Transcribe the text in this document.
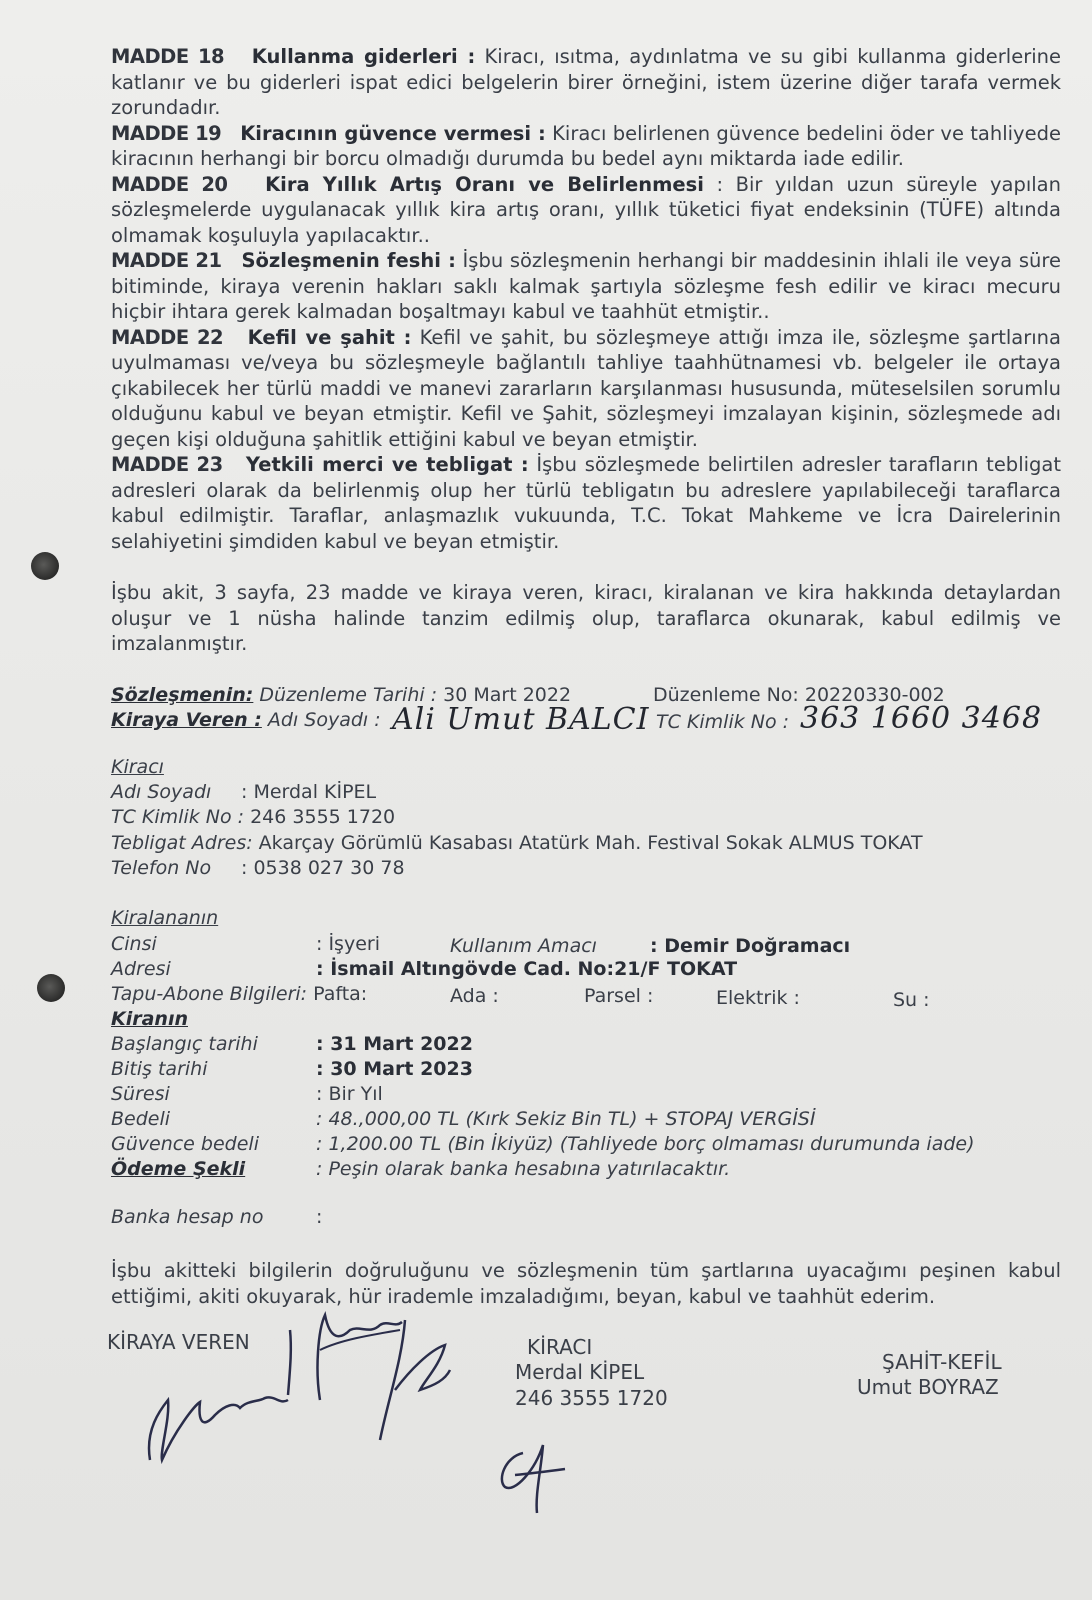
MADDE 18 Kullanma giderleri : Kiracı, ısıtma, aydınlatma ve su gibi kullanma giderlerine katlanır ve bu giderleri ispat edici belgelerin birer örneğini, istem üzerine diğer tarafa vermek zorundadır.

MADDE 19 Kiracının güvence vermesi : Kiracı belirlenen güvence bedelini öder ve tahliyede kiracının herhangi bir borcu olmadığı durumda bu bedel aynı miktarda iade edilir.

MADDE 20 Kira Yıllık Artış Oranı ve Belirlenmesi : Bir yıldan uzun süreyle yapılan sözleşmelerde uygulanacak yıllık kira artış oranı, yıllık tüketici fiyat endeksinin (TÜFE) altında olmamak koşuluyla yapılacaktır..

MADDE 21 Sözleşmenin feshi : İşbu sözleşmenin herhangi bir maddesinin ihlali ile veya süre bitiminde, kiraya verenin hakları saklı kalmak şartıyla sözleşme fesh edilir ve kiracı mecuru hiçbir ihtara gerek kalmadan boşaltmayı kabul ve taahhüt etmiştir..

MADDE 22 Kefil ve şahit : Kefil ve şahit, bu sözleşmeye attığı imza ile, sözleşme şartlarına uyulmaması ve/veya bu sözleşmeyle bağlantılı tahliye taahhütnamesi vb. belgeler ile ortaya çıkabilecek her türlü maddi ve manevi zararların karşılanması hususunda, müteselsilen sorumlu olduğunu kabul ve beyan etmiştir. Kefil ve Şahit, sözleşmeyi imzalayan kişinin, sözleşmede adı geçen kişi olduğuna şahitlik ettiğini kabul ve beyan etmiştir.

MADDE 23 Yetkili merci ve tebligat : İşbu sözleşmede belirtilen adresler tarafların tebligat adresleri olarak da belirlenmiş olup her türlü tebligatın bu adreslere yapılabileceği taraflarca kabul edilmiştir. Taraflar, anlaşmazlık vukuunda, T.C. Tokat Mahkeme ve İcra Dairelerinin selahiyetini şimdiden kabul ve beyan etmiştir.

İşbu akit, 3 sayfa, 23 madde ve kiraya veren, kiracı, kiralanan ve kira hakkında detaylardan oluşur ve 1 nüsha halinde tanzim edilmiş olup, taraflarca okunarak, kabul edilmiş ve imzalanmıştır.

Sözleşmenin: Düzenleme Tarihi : 30 Mart 2022	Düzenleme No: 20220330-002
Kiraya Veren : Adı Soyadı : Ali Umut BALCI TC Kimlik No : 363 1660 3468
Kiracı
Adı Soyadı : Merdal KİPEL
TC Kimlik No : 246 3555 1720
Tebligat Adres: Akarçay Görümlü Kasabası Atatürk Mah. Festival Sokak ALMUS TOKAT
Telefon No : 0538 027 30 78
Kiralananın
Cinsi	: İşyeri	Kullanım Amacı	: Demir Doğramacı
Adresi	: İsmail Altıngövde Cad. No:21/F TOKAT
Tapu-Abone Bilgileri: Pafta:	Ada :	Parsel :	Elektrik :	Su :
Kiranın
Başlangıç tarihi	: 31 Mart 2022
Bitiş tarihi	: 30 Mart 2023
Süresi	: Bir Yıl
Bedeli	: 48.,000,00 TL (Kırk Sekiz Bin TL) + STOPAJ VERGİSİ
Güvence bedeli	: 1,200.00 TL (Bin İkiyüz) (Tahliyede borç olmaması durumunda iade)
Ödeme Şekli	: Peşin olarak banka hesabına yatırılacaktır.
Banka hesap no	:

İşbu akitteki bilgilerin doğruluğunu ve sözleşmenin tüm şartlarına uyacağımı peşinen kabul ettiğimi, akiti okuyarak, hür irademle imzaladığımı, beyan, kabul ve taahhüt ederim.

KİRAYA VEREN	KİRACI
Merdal KİPEL
246 3555 1720
ŞAHİT-KEFİL
Umut BOYRAZ
